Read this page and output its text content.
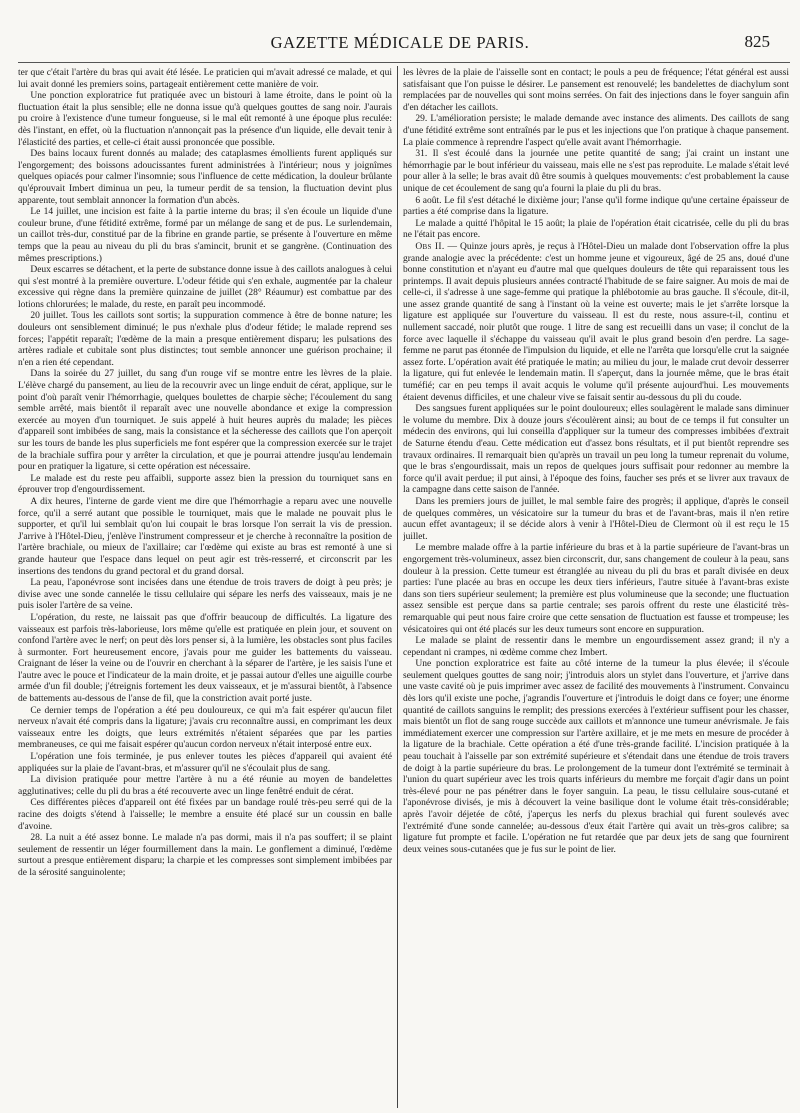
GAZETTE MÉDICALE DE PARIS.	825

ter que c'était l'artère du bras qui avait été lésée. Le praticien qui m'avait adressé ce malade, et qui lui avait donné les premiers soins, partageait entièrement cette manière de voir.

Une ponction exploratrice fut pratiquée avec un bistouri à lame étroite, dans le point où la fluctuation était la plus sensible; elle ne donna issue qu'à quelques gouttes de sang noir. J'aurais pu croire à l'existence d'une tumeur fongueuse, si le mal eût remonté à une époque plus reculée: dès l'instant, en effet, où la fluctuation n'annonçait pas la présence d'un liquide, elle devait tenir à l'élasticité des parties, et celle-ci était aussi prononcée que possible.

Des bains locaux furent donnés au malade; des cataplasmes émollients furent appliqués sur l'engorgement; des boissons adoucissantes furent administrées à l'intérieur; nous y joignîmes quelques opiacés pour calmer l'insomnie; sous l'influence de cette médication, la douleur brûlante qu'éprouvait Imbert diminua un peu, la tumeur perdit de sa tension, la fluctuation devint plus apparente, tout semblait annoncer la formation d'un abcès.

Le 14 juillet, une incision est faite à la partie interne du bras; il s'en écoule un liquide d'une couleur brune, d'une fétidité extrême, formé par un mélange de sang et de pus. Le surlendemain, un caillot très-dur, constitué par de la fibrine en grande partie, se présente à l'ouverture en même temps que la peau au niveau du pli du bras s'amincit, brunit et se gangrène. (Continuation des mêmes prescriptions.)

Deux escarres se détachent, et la perte de substance donne issue à des caillots analogues à celui qui s'est montré à la première ouverture. L'odeur fétide qui s'en exhale, augmentée par la chaleur excessive qui règne dans la première quinzaine de juillet (28° Réaumur) est combattue par des lotions chlorurées; le malade, du reste, en paraît peu incommodé.

20 juillet. Tous les caillots sont sortis; la suppuration commence à être de bonne nature; les douleurs ont sensiblement diminué; le pus n'exhale plus d'odeur fétide; le malade reprend ses forces; l'appétit reparaît; l'œdème de la main a presque entièrement disparu; les pulsations des artères radiale et cubitale sont plus distinctes; tout semble annoncer une guérison prochaine; il n'en a rien été cependant.

Dans la soirée du 27 juillet, du sang d'un rouge vif se montre entre les lèvres de la plaie. L'élève chargé du pansement, au lieu de la recouvrir avec un linge enduit de cérat, applique, sur le point d'où paraît venir l'hémorrhagie, quelques boulettes de charpie sèche; l'écoulement du sang semble arrêté, mais bientôt il reparaît avec une nouvelle abondance et exige la compression exercée au moyen d'un tourniquet. Je suis appelé à huit heures auprès du malade; les pièces d'appareil sont imbibées de sang, mais la consistance et la sécheresse des caillots que l'on aperçoit sur les tours de bande les plus superficiels me font espérer que la compression exercée sur le trajet de la brachiale suffira pour y arrêter la circulation, et que je pourrai attendre jusqu'au lendemain pour en pratiquer la ligature, si cette opération est nécessaire.

Le malade est du reste peu affaibli, supporte assez bien la pression du tourniquet sans en éprouver trop d'engourdissement.

A dix heures, l'interne de garde vient me dire que l'hémorrhagie a reparu avec une nouvelle force, qu'il a serré autant que possible le tourniquet, mais que le malade ne pouvait plus le supporter, et qu'il lui semblait qu'on lui coupait le bras lorsque l'on serrait la vis de pression. J'arrive à l'Hôtel-Dieu, j'enlève l'instrument compresseur et je cherche à reconnaître la position de l'artère brachiale, ou mieux de l'axillaire; car l'œdème qui existe au bras est remonté à une si grande hauteur que l'espace dans lequel on peut agir est très-resserré, et circonscrit par les insertions des tendons du grand pectoral et du grand dorsal.

La peau, l'aponévrose sont incisées dans une étendue de trois travers de doigt à peu près; je divise avec une sonde cannelée le tissu cellulaire qui sépare les nerfs des vaisseaux, mais je ne puis isoler l'artère de sa veine.

L'opération, du reste, ne laissait pas que d'offrir beaucoup de difficultés. La ligature des vaisseaux est parfois très-laborieuse, lors même qu'elle est pratiquée en plein jour, et souvent on confond l'artère avec le nerf; on peut dès lors penser si, à la lumière, les obstacles sont plus faciles à surmonter. Fort heureusement encore, j'avais pour me guider les battements du vaisseau. Craignant de léser la veine ou de l'ouvrir en cherchant à la séparer de l'artère, je les saisis l'une et l'autre avec le pouce et l'indicateur de la main droite, et je passai autour d'elles une aiguille courbe armée d'un fil double; j'étreignis fortement les deux vaisseaux, et je m'assurai bientôt, à l'absence de battements au-dessous de l'anse de fil, que la constriction avait porté juste.

Ce dernier temps de l'opération a été peu douloureux, ce qui m'a fait espérer qu'aucun filet nerveux n'avait été compris dans la ligature; j'avais cru reconnaître aussi, en comprimant les deux vaisseaux entre les doigts, que leurs extrémités n'étaient séparées que par les parties membraneuses, ce qui me faisait espérer qu'aucun cordon nerveux n'était interposé entre eux.

L'opération une fois terminée, je pus enlever toutes les pièces d'appareil qui avaient été appliquées sur la plaie de l'avant-bras, et m'assurer qu'il ne s'écoulait plus de sang.

La division pratiquée pour mettre l'artère à nu a été réunie au moyen de bandelettes agglutinatives; celle du pli du bras a été recouverte avec un linge fenêtré enduit de cérat.

Ces différentes pièces d'appareil ont été fixées par un bandage roulé très-peu serré qui de la racine des doigts s'étend à l'aisselle; le membre a ensuite été placé sur un coussin en balle d'avoine.

28. La nuit a été assez bonne. Le malade n'a pas dormi, mais il n'a pas souffert; il se plaint seulement de ressentir un léger fourmillement dans la main. Le gonflement a diminué, l'œdème surtout a presque entièrement disparu; la charpie et les compresses sont simplement imbibées par de la sérosité sanguinolente;

les lèvres de la plaie de l'aisselle sont en contact; le pouls a peu de fréquence; l'état général est aussi satisfaisant que l'on puisse le désirer. Le pansement est renouvelé; les bandelettes de diachylum sont remplacées par de nouvelles qui sont moins serrées. On fait des injections dans le foyer sanguin afin d'en détacher les caillots.

29. L'amélioration persiste; le malade demande avec instance des aliments. Des caillots de sang d'une fétidité extrême sont entraînés par le pus et les injections que l'on pratique à chaque pansement. La plaie commence à reprendre l'aspect qu'elle avait avant l'hémorrhagie.

31. Il s'est écoulé dans la journée une petite quantité de sang; j'ai craint un instant une hémorrhagie par le bout inférieur du vaisseau, mais elle ne s'est pas reproduite. Le malade s'était levé pour aller à la selle; le bras avait dû être soumis à quelques mouvements: c'est probablement la cause unique de cet écoulement de sang qu'a fourni la plaie du pli du bras.

6 août. Le fil s'est détaché le dixième jour; l'anse qu'il forme indique qu'une certaine épaisseur de parties a été comprise dans la ligature.

Le malade a quitté l'hôpital le 15 août; la plaie de l'opération était cicatrisée, celle du pli du bras ne l'était pas encore.

Obs II. — Quinze jours après, je reçus à l'Hôtel-Dieu un malade dont l'observation offre la plus grande analogie avec la précédente: c'est un homme jeune et vigoureux, âgé de 25 ans, doué d'une bonne constitution et n'ayant eu d'autre mal que quelques douleurs de tête qui reparaissent tous les printemps. Il avait depuis plusieurs années contracté l'habitude de se faire saigner. Au mois de mai de celle-ci, il s'adresse à une sage-femme qui pratique la phlébotomie au bras gauche. Il s'écoule, dit-il, une assez grande quantité de sang à l'instant où la veine est ouverte; mais le jet s'arrête lorsque la ligature est appliquée sur l'ouverture du vaisseau. Il est du reste, nous assure-t-il, continu et nullement saccadé, noir plutôt que rouge. 1 litre de sang est recueilli dans un vase; il conclut de la force avec laquelle il s'échappe du vaisseau qu'il avait le plus grand besoin d'en perdre. La sage-femme ne parut pas étonnée de l'impulsion du liquide, et elle ne l'arrêta que lorsqu'elle crut la saignée assez forte. L'opération avait été pratiquée le matin; au milieu du jour, le malade crut devoir desserrer la ligature, qui fut enlevée le lendemain matin. Il s'aperçut, dans la journée même, que le bras était tuméfié; car en peu temps il avait acquis le volume qu'il présente aujourd'hui. Les mouvements étaient devenus difficiles, et une chaleur vive se faisait sentir au-dessous du pli du coude.

Des sangsues furent appliquées sur le point douloureux; elles soulagèrent le malade sans diminuer le volume du membre. Dix à douze jours s'écoulèrent ainsi; au bout de ce temps il fut consulter un médecin des environs, qui lui conseilla d'appliquer sur la tumeur des compresses imbibées d'extrait de Saturne étendu d'eau. Cette médication eut d'assez bons résultats, et il put bientôt reprendre ses travaux ordinaires. Il remarquait bien qu'après un travail un peu long la tumeur reprenait du volume, que le bras s'engourdissait, mais un repos de quelques jours suffisait pour redonner au membre la force qu'il avait perdue; il put ainsi, à l'époque des foins, faucher ses prés et se livrer aux travaux de la campagne dans cette saison de l'année.

Dans les premiers jours de juillet, le mal semble faire des progrès; il applique, d'après le conseil de quelques commères, un vésicatoire sur la tumeur du bras et de l'avant-bras, mais il n'en retire aucun effet avantageux; il se décide alors à venir à l'Hôtel-Dieu de Clermont où il est reçu le 15 juillet.

Le membre malade offre à la partie inférieure du bras et à la partie supérieure de l'avant-bras un engorgement très-volumineux, assez bien circonscrit, dur, sans changement de couleur à la peau, sans douleur à la pression. Cette tumeur est étranglée au niveau du pli du bras et paraît divisée en deux parties: l'une placée au bras en occupe les deux tiers inférieurs, l'autre située à l'avant-bras existe dans son tiers supérieur seulement; la première est plus volumineuse que la seconde; une fluctuation assez sensible est perçue dans sa partie centrale; ses parois offrent du reste une élasticité très-remarquable qui peut nous faire croire que cette sensation de fluctuation est fausse et trompeuse; les vésicatoires qui ont été placés sur les deux tumeurs sont encore en suppuration.

Le malade se plaint de ressentir dans le membre un engourdissement assez grand; il n'y a cependant ni crampes, ni œdème comme chez Imbert.

Une ponction exploratrice est faite au côté interne de la tumeur la plus élevée; il s'écoule seulement quelques gouttes de sang noir; j'introduis alors un stylet dans l'ouverture, et j'arrive dans une vaste cavité où je puis imprimer avec assez de facilité des mouvements à l'instrument. Convaincu dès lors qu'il existe une poche, j'agrandis l'ouverture et j'introduis le doigt dans ce foyer; une énorme quantité de caillots sanguins le remplit; des pressions exercées à l'extérieur suffisent pour les chasser, mais bientôt un flot de sang rouge succède aux caillots et m'annonce une tumeur anévrismale. Je fais immédiatement exercer une compression sur l'artère axillaire, et je me mets en mesure de procéder à la ligature de la brachiale. Cette opération a été d'une très-grande facilité. L'incision pratiquée à la peau touchait à l'aisselle par son extrémité supérieure et s'étendait dans une étendue de trois travers de doigt à la partie supérieure du bras. Le prolongement de la tumeur dont l'extrémité se terminait à l'union du quart supérieur avec les trois quarts inférieurs du membre me forçait d'agir dans un point très-élevé pour ne pas pénétrer dans le foyer sanguin. La peau, le tissu cellulaire sous-cutané et l'aponévrose divisés, je mis à découvert la veine basilique dont le volume était très-considérable; après l'avoir déjetée de côté, j'aperçus les nerfs du plexus brachial qui furent soulevés avec l'extrémité d'une sonde cannelée; au-dessous d'eux était l'artère qui avait un très-gros calibre; sa ligature fut prompte et facile. L'opération ne fut retardée que par deux jets de sang que fournirent deux veines sous-cutanées que je fus sur le point de lier.
